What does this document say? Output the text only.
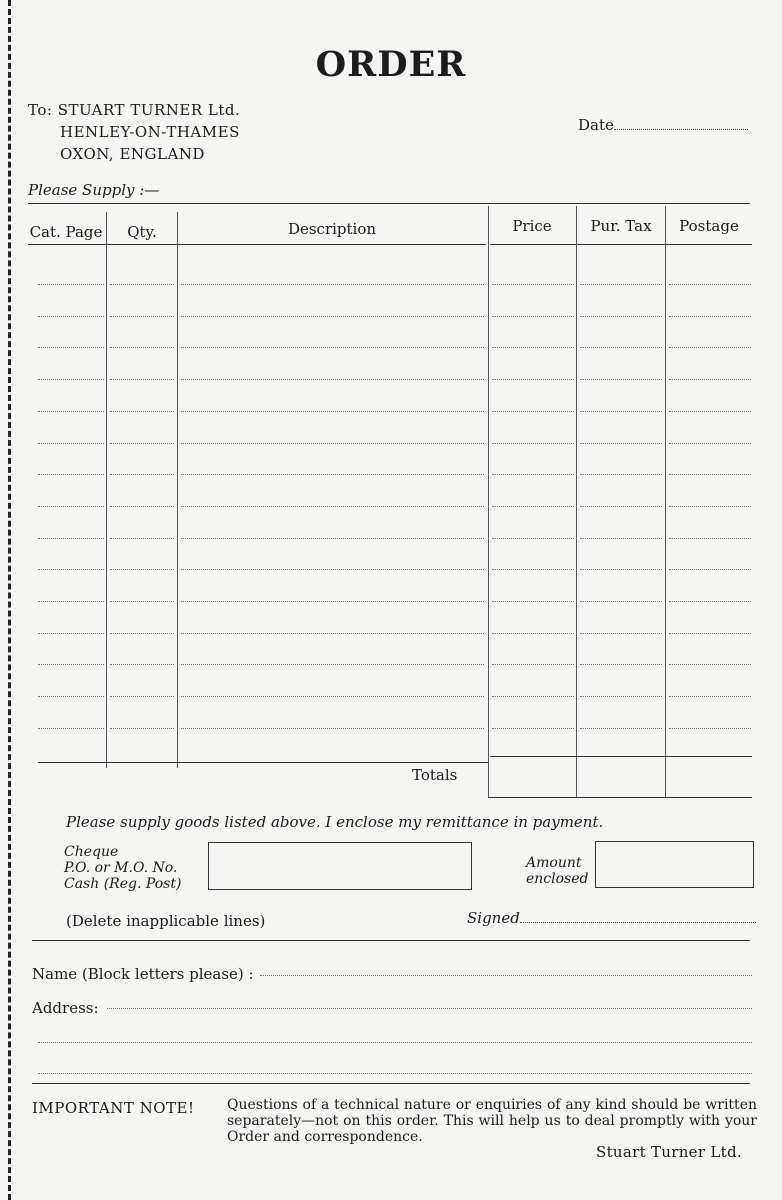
ORDER
To: STUART TURNER Ltd.
HENLEY-ON-THAMES
OXON, ENGLAND
Date
Please Supply :—
Cat. Page	Qty.	Description	Price	Pur. Tax	Postage
Totals
Please supply goods listed above. I enclose my remittance in payment.
Cheque
P.O. or M.O. No.
Cash (Reg. Post)
Amount
enclosed
(Delete inapplicable lines)	Signed
Name (Block letters please) :
Address:
IMPORTANT NOTE! Questions of a technical nature or enquiries of any kind should be written separately—not on this order. This will help us to deal promptly with your Order and correspondence.
Stuart Turner Ltd.
